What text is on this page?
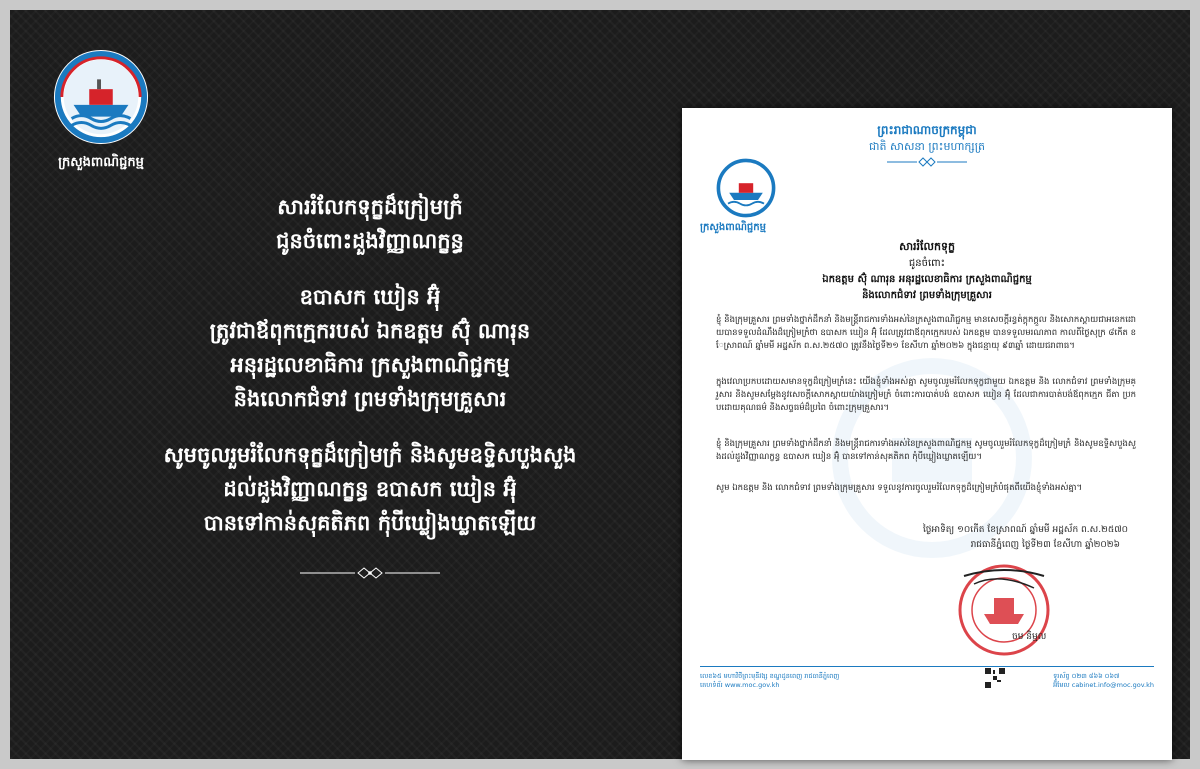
ក្រសួងពាណិជ្ជកម្ម
សាររំលែកទុក្ខដ៏ក្រៀមក្រំ
ជូនចំពោះដួងវិញ្ញាណក្ខន្ធ
ឧបាសក ឃៀន អ៊ុំ
ត្រូវជាឪពុកក្មេករបស់ ឯកឧត្តម ស៊ុំ ណារុន
អនុរដ្ឋលេខាធិការ ក្រសួងពាណិជ្ជកម្ម
និងលោកជំទាវ ព្រមទាំងក្រុមគ្រួសារ
សូមចូលរួមរំលែកទុក្ខដ៏ក្រៀមក្រំ និងសូមឧទ្ទិសបួងសួង
ដល់ដួងវិញ្ញាណក្ខន្ធ ឧបាសក ឃៀន អ៊ុំ
បានទៅកាន់សុគតិភព កុំបីឃ្លៀងឃ្លាតឡើយ
ព្រះរាជាណាចក្រកម្ពុជា
ជាតិ សាសនា ព្រះមហាក្សត្រ
ក្រសួងពាណិជ្ជកម្ម
សាររំលែកទុក្ខ
ជូនចំពោះ
ឯកឧត្តម ស៊ុំ ណារុន អនុរដ្ឋលេខាធិការ ក្រសួងពាណិជ្ជកម្ម
និងលោកជំទាវ ព្រមទាំងក្រុមគ្រួសារ
ខ្ញុំ និងក្រុមគ្រួសារ ព្រមទាំងថ្នាក់ដឹកនាំ និងមន្ត្រីរាជការទាំងអស់នៃក្រសួងពាណិជ្ជកម្ម មានសេចក្តីរន្ធត់ក្តុកក្តួល និងសោកស្តាយជាអនេកដោយបានទទួលដំណឹងដ៏ក្រៀមក្រំថា ឧបាសក ឃៀន អ៊ុំ ដែលត្រូវជាឪពុកក្មេករបស់ ឯកឧត្តម បានទទួលមរណភាព កាលពីថ្ងៃសុក្រ ៨កើត ខែស្រាពណ៍ ឆ្នាំមមី អដ្ឋស័ក ព.ស.២៥៧០ ត្រូវនឹងថ្ងៃទី២១ ខែសីហា ឆ្នាំ២០២៦ ក្នុងជន្មាយុ ៩៣ឆ្នាំ ដោយជរាពាធ។
ក្នុងវេលាប្រកបដោយសមានទុក្ខដ៏ក្រៀមក្រំនេះ យើងខ្ញុំទាំងអស់គ្នា សូមចូលរួមរំលែកទុក្ខជាមួយ ឯកឧត្តម និង លោកជំទាវ ព្រមទាំងក្រុមគ្រួសារ និងសូមសម្តែងនូវសេចក្តីសោកស្តាយយ៉ាងក្រៀមក្រំ ចំពោះការបាត់បង់ ឧបាសក ឃៀន អ៊ុំ ដែលជាការបាត់បង់ឪពុកក្មេក ជីតា ប្រកបដោយគុណធម៌ និងសច្ចធម៌ដ៏ប្រពៃ ចំពោះក្រុមគ្រួសារ។
ខ្ញុំ និងក្រុមគ្រួសារ ព្រមទាំងថ្នាក់ដឹកនាំ និងមន្ត្រីរាជការទាំងអស់នៃក្រសួងពាណិជ្ជកម្ម សូមចូលរួមរំលែកទុក្ខដ៏ក្រៀមក្រំ និងសូមឧទ្ទិសបួងសួងដល់ដួងវិញ្ញាណក្ខន្ធ ឧបាសក ឃៀន អ៊ុំ បានទៅកាន់សុគតិភព កុំបីឃ្លៀងឃ្លាតឡើយ។
សូម ឯកឧត្តម និង លោកជំទាវ ព្រមទាំងក្រុមគ្រួសារ ទទួលនូវការចូលរួមរំលែកទុក្ខដ៏ក្រៀមក្រំបំផុតពីយើងខ្ញុំទាំងអស់គ្នា។
ថ្ងៃអាទិត្យ ១០កើត ខែស្រាពណ៍ ឆ្នាំមមី អដ្ឋស័ក ព.ស.២៥៧០
រាជធានីភ្នំពេញ ថ្ងៃទី២៣ ខែសីហា ឆ្នាំ២០២៦
ចម និម្មល
លេខ៦៥ មហាវិថីព្រះមុនីវង្ស ខណ្ឌដូនពេញ រាជធានីភ្នំពេញ
គេហទំព័រ www.moc.gov.kh
ទូរស័ព្ទ ០២៣ ៨៦៦ ០៦៧
អ៊ីមែល cabinet.info@moc.gov.kh
